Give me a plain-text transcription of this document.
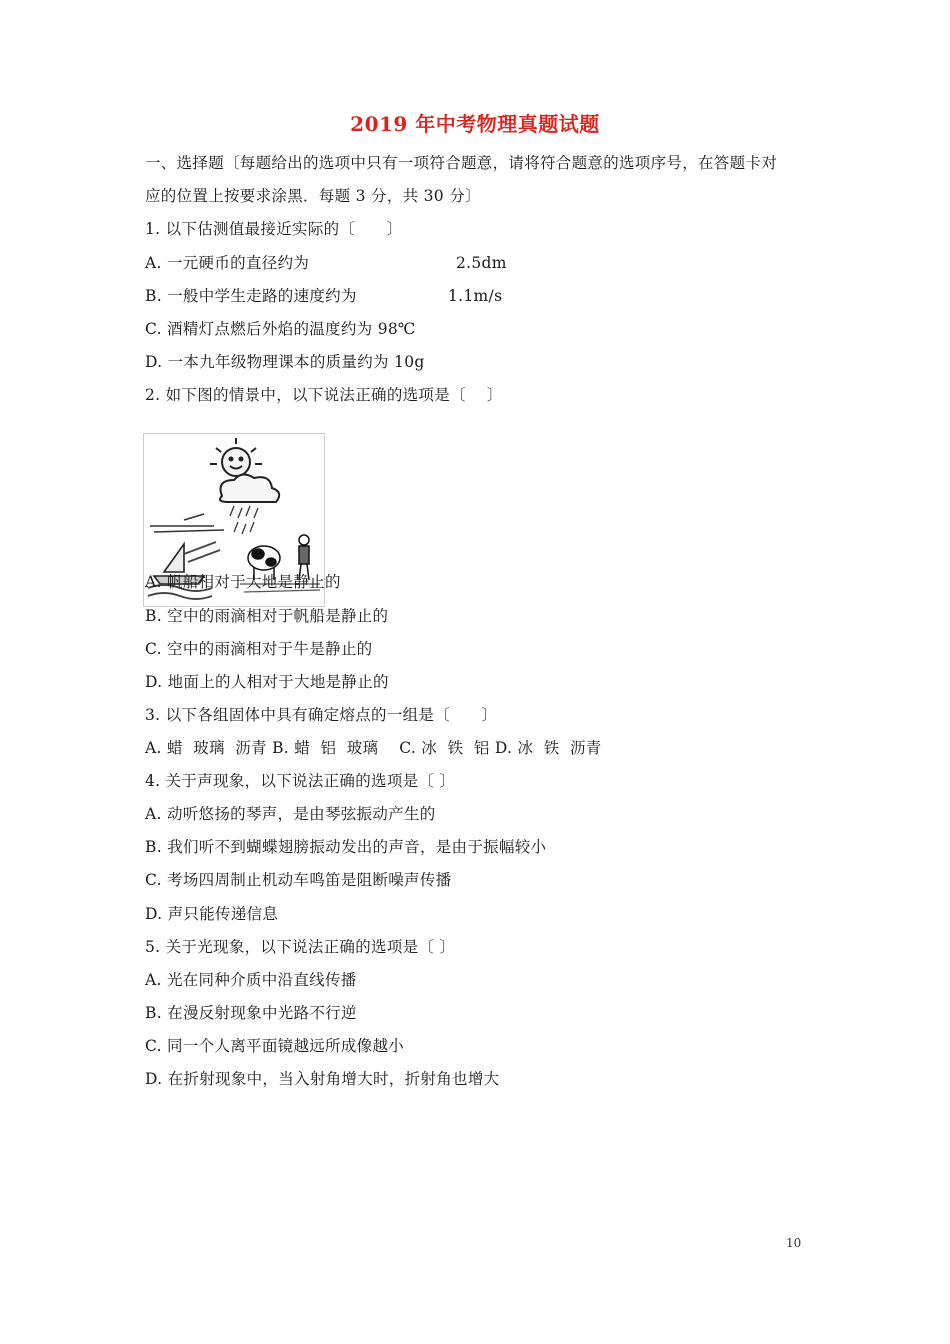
2019 年中考物理真题试题
一、选择题〔每题给出的选项中只有一项符合题意，请将符合题意的选项序号，在答题卡对
应的位置上按要求涂黑．每题 3 分，共 30 分〕
1. 以下估测值最接近实际的〔      〕
A. 一元硬币的直径约为	2.5dm
B. 一般中学生走路的速度约为	1.1m/s
C. 酒精灯点燃后外焰的温度约为 98℃
D. 一本九年级物理课本的质量约为 10g
2. 如下图的情景中，以下说法正确的选项是〔    〕
A. 帆船相对于大地是静止的
B. 空中的雨滴相对于帆船是静止的
C. 空中的雨滴相对于牛是静止的
D. 地面上的人相对于大地是静止的
3. 以下各组固体中具有确定熔点的一组是〔      〕
A. 蜡  玻璃  沥青 B. 蜡  铝  玻璃    C. 冰  铁  铝 D. 冰  铁  沥青
4. 关于声现象，以下说法正确的选项是〔 〕
A. 动听悠扬的琴声，是由琴弦振动产生的
B. 我们听不到蝴蝶翅膀振动发出的声音，是由于振幅较小
C. 考场四周制止机动车鸣笛是阻断噪声传播
D. 声只能传递信息
5. 关于光现象，以下说法正确的选项是〔 〕
A. 光在同种介质中沿直线传播
B. 在漫反射现象中光路不行逆
C. 同一个人离平面镜越远所成像越小
D. 在折射现象中，当入射角增大时，折射角也增大
10
